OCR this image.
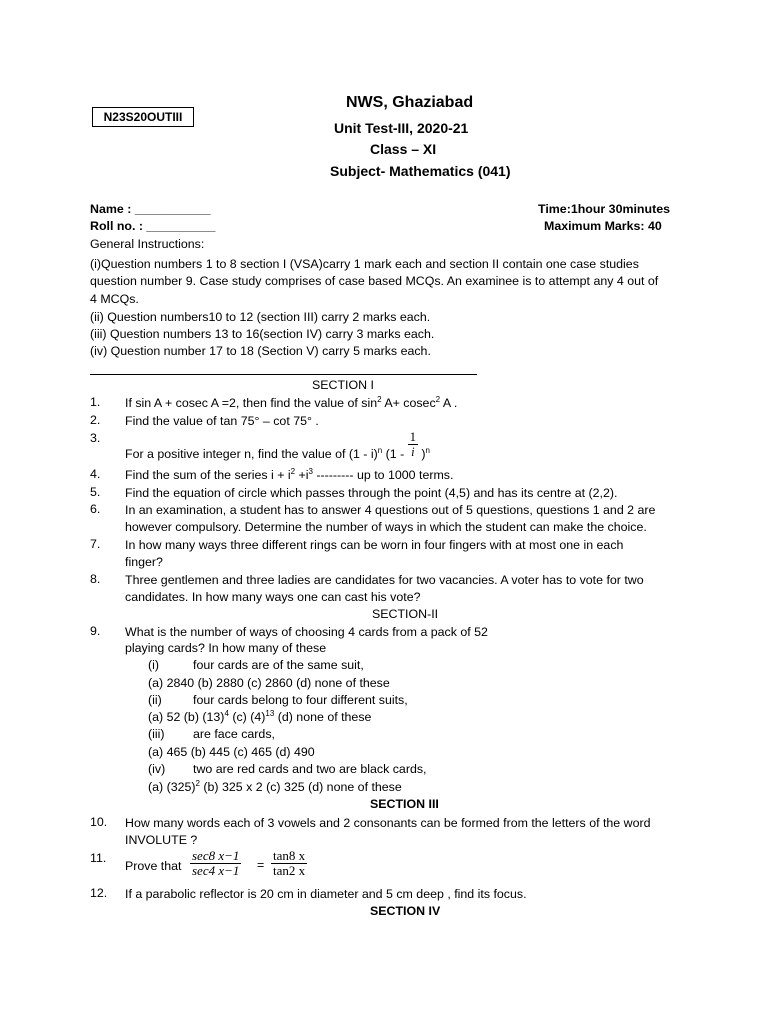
N23S20OUTIII
NWS, Ghaziabad
Unit Test-III, 2020-21
Class – XI
Subject- Mathematics (041)
Name : ___________
Roll no. : __________
Time:1hour 30minutes
Maximum Marks: 40
General Instructions:
(i)Question numbers 1 to 8 section I (VSA)carry 1 mark each and section II contain one case studies
question number 9. Case study comprises of case based MCQs. An examinee is to attempt any 4 out of
4 MCQs.
(ii) Question numbers10 to 12 (section III) carry 2 marks each.
(iii) Question numbers 13 to 16(section IV) carry 3 marks each.
(iv) Question number 17 to 18 (Section V) carry 5 marks each.
SECTION I
1.	If sin A + cosec A =2, then find the value of $\sin^2 A+ cosec^2$ A .
2.	Find the value of tan 75° – cot 75° .
3.
For a positive integer n, find the value of (1 - i)$^n$ $(1 - \frac{1}{i} )^n$
4.	Find the sum of the series $i + i^2 +i^3$ --------- up to 1000 terms.
5.	Find the equation of circle which passes through the point (4,5) and has its centre at (2,2).
6.	In an examination, a student has to answer 4 questions out of 5 questions, questions 1 and 2 are
however compulsory. Determine the number of ways in which the student can make the choice.
7.	In how many ways three different rings can be worn in four fingers with at most one in each
finger?
8.	Three gentlemen and three ladies are candidates for two vacancies. A voter has to vote for two
candidates. In how many ways one can cast his vote?
SECTION-II
9.	What is the number of ways of choosing 4 cards from a pack of 52
playing cards? In how many of these
(i)	four cards are of the same suit,
(a) 2840 (b) 2880 (c) 2860 (d) none of these
(ii)	four cards belong to four different suits,
(a) 52 (b) $(13)^4$ (c) $(4)^{13}$ (d) none of these
(iii) are face cards,
(a) 465 (b) 445 (c) 465 (d) 490
(iv) two are red cards and two are black cards,
(a) $(325)^2$ (b) 325 x 2 (c) 325 (d) none of these
SECTION III
10.	How many words each of 3 vowels and 2 consonants can be formed from the letters of the word
INVOLUTE ?
11.
Prove that
sec8 x−1
sec4 $x-1 = \frac{\tan 8 x}{\tan 2 x}$
12.	If a parabolic reflector is 20 cm in diameter and 5 cm deep , find its focus.
SECTION IV
